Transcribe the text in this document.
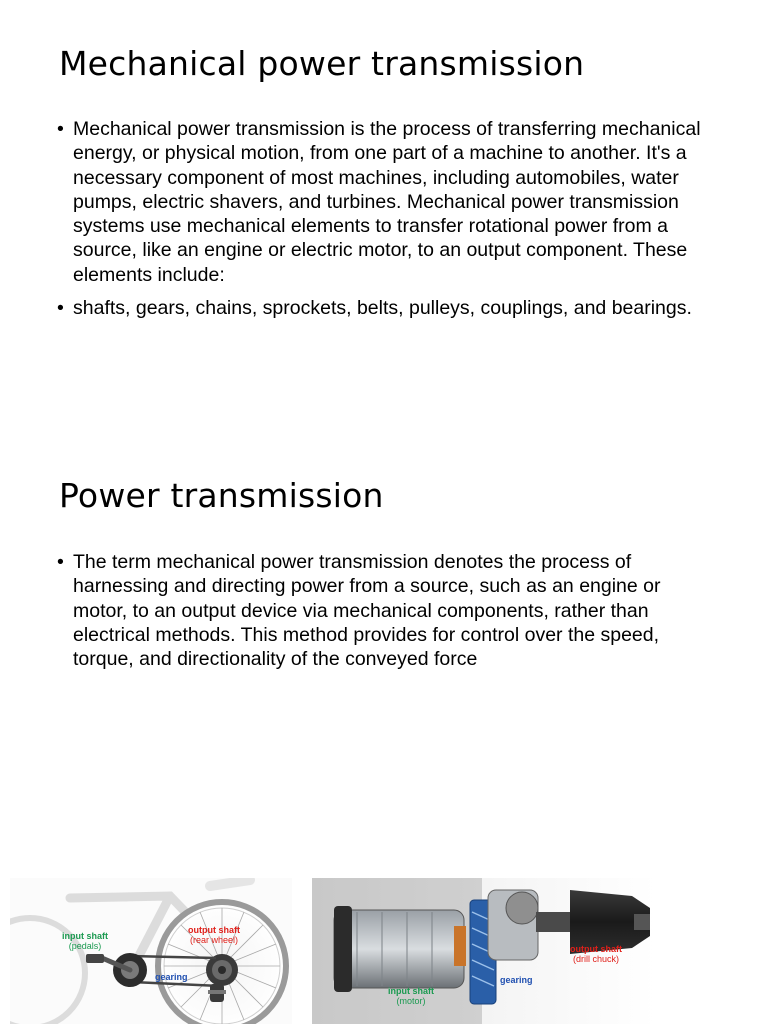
Mechanical power transmission
• Mechanical power transmission is the process of transferring mechanical energy, or physical motion, from one part of a machine to another. It's a necessary component of most machines, including automobiles, water pumps, electric shavers, and turbines. Mechanical power transmission systems use mechanical elements to transfer rotational power from a source, like an engine or electric motor, to an output component. These elements include:
• shafts, gears, chains, sprockets, belts, pulleys, couplings, and bearings.
Power transmission
• The term mechanical power transmission denotes the process of harnessing and directing power from a source, such as an engine or motor, to an output device via mechanical components, rather than electrical methods. This method provides for control over the speed, torque, and directionality of the conveyed force
input shaft
(pedals)
output shaft
(rear wheel)
gearing
output shaft
(drill chuck)
gearing
input shaft
(motor)
